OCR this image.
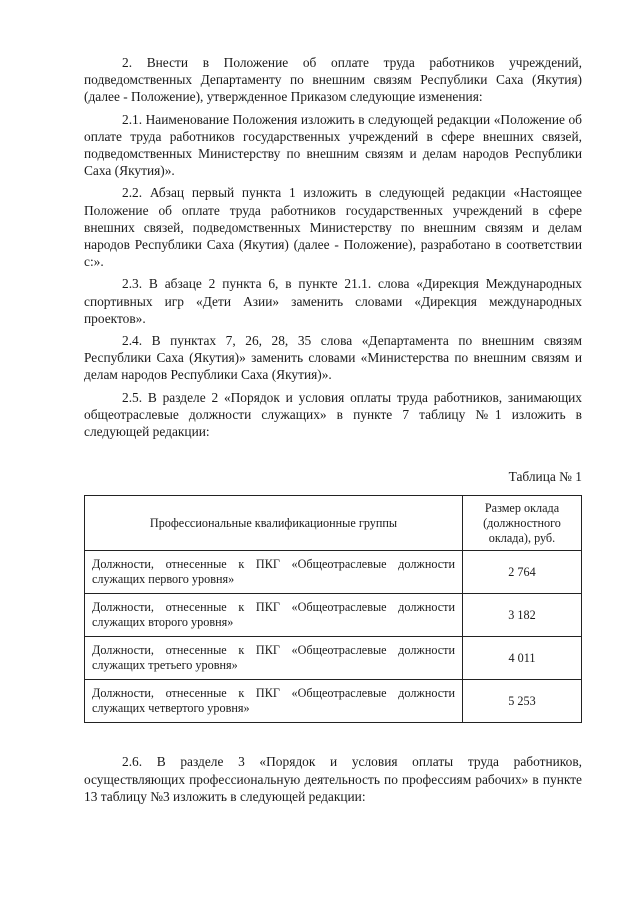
2. Внести в Положение об оплате труда работников учреждений, подведомственных Департаменту по внешним связям Республики Саха (Якутия) (далее - Положение), утвержденное Приказом следующие изменения:

2.1. Наименование Положения изложить в следующей редакции «Положение об оплате труда работников государственных учреждений в сфере внешних связей, подведомственных Министерству по внешним связям и делам народов Республики Саха (Якутия)».

2.2. Абзац первый пункта 1 изложить в следующей редакции «Настоящее Положение об оплате труда работников государственных учреждений в сфере внешних связей, подведомственных Министерству по внешним связям и делам народов Республики Саха (Якутия) (далее - Положение), разработано в соответствии с:».

2.3. В абзаце 2 пункта 6, в пункте 21.1. слова «Дирекция Международных спортивных игр «Дети Азии» заменить словами «Дирекция международных проектов».

2.4. В пунктах 7, 26, 28, 35 слова «Департамента по внешним связям Республики Саха (Якутия)» заменить словами «Министерства по внешним связям и делам народов Республики Саха (Якутия)».

2.5. В разделе 2 «Порядок и условия оплаты труда работников, занимающих общеотраслевые должности служащих» в пункте 7 таблицу №1 изложить в следующей редакции:

Таблица № 1
Профессиональные квалификационные группы	Размер оклада (должностного оклада), руб.
Должности, отнесенные к ПКГ «Общеотраслевые должности служащих первого уровня»	2 764
Должности, отнесенные к ПКГ «Общеотраслевые должности служащих второго уровня»	3 182
Должности, отнесенные к ПКГ «Общеотраслевые должности служащих третьего уровня»	4 011
Должности, отнесенные к ПКГ «Общеотраслевые должности служащих четвертого уровня»	5 253

2.6. В разделе 3 «Порядок и условия оплаты труда работников, осуществляющих профессиональную деятельность по профессиям рабочих» в пункте 13 таблицу №3 изложить в следующей редакции:
